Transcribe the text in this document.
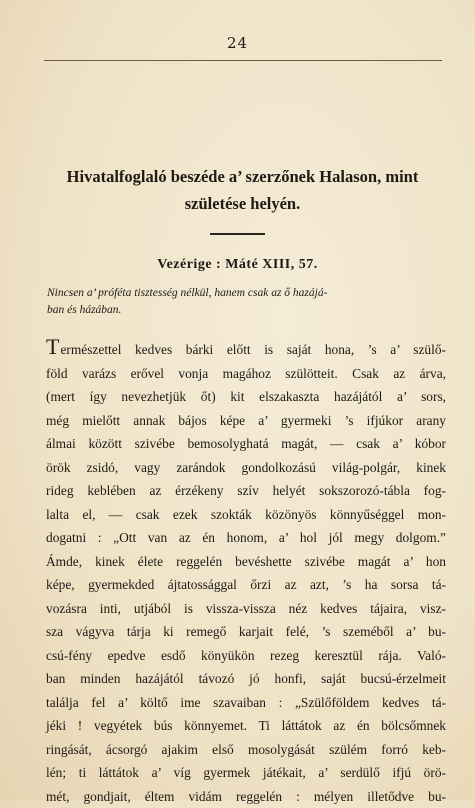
24
Hivatalfoglaló beszéde a’ szerzőnek Halason, mint
születése helyén.
Vezérige : Máté XIII, 57.
Nincsen a’ próféta tisztesség nélkül, hanem csak az ő hazájá-
ban és házában.
Természettel kedves bárki előtt is saját hona, ’s a’ szülő-
föld varázs erővel vonja magához szülötteit. Csak az árva,
(mert így nevezhetjük őt) kit elszakaszta hazájától a’ sors,
még mielőtt annak bájos képe a’ gyermeki ’s ifjúkor arany
álmai között szivébe bemosolyghatá magát, — csak a’ kóbor
örök zsidó, vagy zarándok gondolkozású világ-polgár, kinek
rideg keblében az érzékeny szív helyét sokszorozó-tábla fog-
lalta el, — csak ezek szokták közönyös könnyűséggel mon-
dogatni : „Ott van az én honom, a’ hol jól megy dolgom.”
Ámde, kinek élete reggelén bevéshette szivébe magát a’ hon
képe, gyermekded ájtatossággal őrzi az azt, ’s ha sorsa tá-
vozásra inti, utjából is vissza-vissza néz kedves tájaira, visz-
sza vágyva tárja ki remegő karjait felé, ’s szeméből a’ bu-
csú-fény epedve esdő könyükön rezeg keresztül rája. Való-
ban minden hazájától távozó jó honfi, saját bucsú-érzelmeit
találja fel a’ költő ime szavaiban : „Szülőföldem kedves tá-
jéki ! vegyétek bús könnyemet. Ti láttátok az én bölcsőmnek
ringását, ácsorgó ajakim első mosolygását szülém forró keb-
lén; ti láttátok a’ víg gyermek játékait, a’ serdülő ifjú örö-
mét, gondjait, éltem vidám reggelén : mélyen illetődve bu-
